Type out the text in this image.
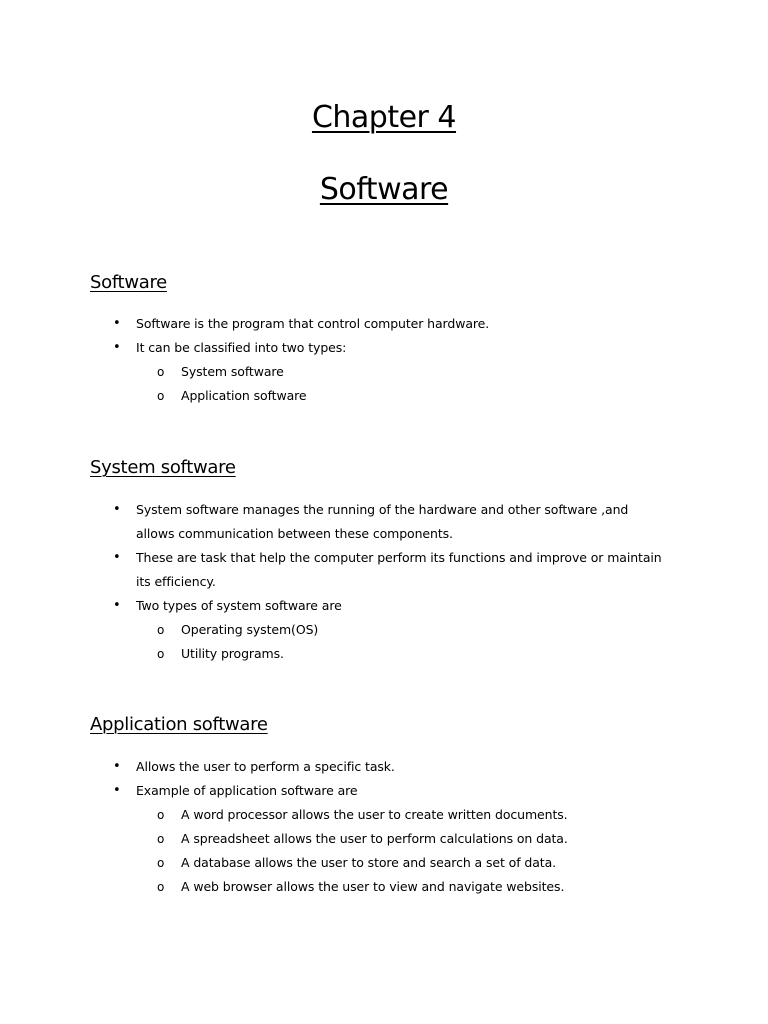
Chapter 4
Software
Software
• Software is the program that control computer hardware.
• It can be classified into two types:
o System software
o Application software
System software
• System software manages the running of the hardware and other software ,and allows communication between these components.
• These are task that help the computer perform its functions and improve or maintain its efficiency.
• Two types of system software are
o Operating system(OS)
o Utility programs.
Application software
• Allows the user to perform a specific task.
• Example of application software are
o A word processor allows the user to create written documents.
o A spreadsheet allows the user to perform calculations on data.
o A database allows the user to store and search a set of data.
o A web browser allows the user to view and navigate websites.
